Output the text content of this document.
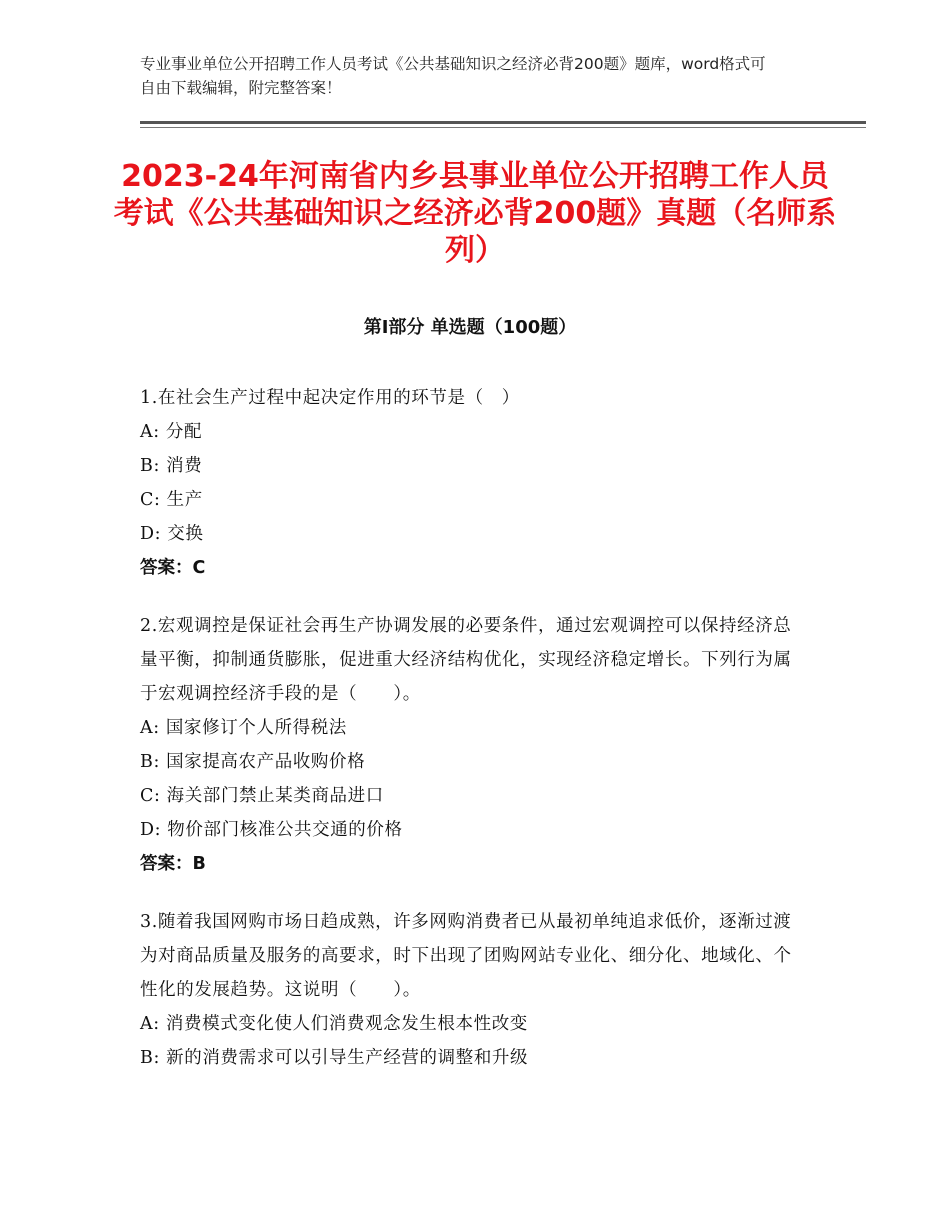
专业事业单位公开招聘工作人员考试《公共基础知识之经济必背200题》题库，word格式可自由下载编辑，附完整答案！
2023-24年河南省内乡县事业单位公开招聘工作人员考试《公共基础知识之经济必背200题》真题（名师系列）
第Ⅰ部分 单选题（100题）

1.在社会生产过程中起决定作用的环节是（　）

A: 分配

B: 消费

C: 生产

D: 交换

答案：C

2.宏观调控是保证社会再生产协调发展的必要条件，通过宏观调控可以保持经济总量平衡，抑制通货膨胀，促进重大经济结构优化，实现经济稳定增长。下列行为属于宏观调控经济手段的是（　　）。

A: 国家修订个人所得税法

B: 国家提高农产品收购价格

C: 海关部门禁止某类商品进口

D: 物价部门核准公共交通的价格

答案：B

3.随着我国网购市场日趋成熟，许多网购消费者已从最初单纯追求低价，逐渐过渡为对商品质量及服务的高要求，时下出现了团购网站专业化、细分化、地域化、个性化的发展趋势。这说明（　　）。

A: 消费模式变化使人们消费观念发生根本性改变

B: 新的消费需求可以引导生产经营的调整和升级
